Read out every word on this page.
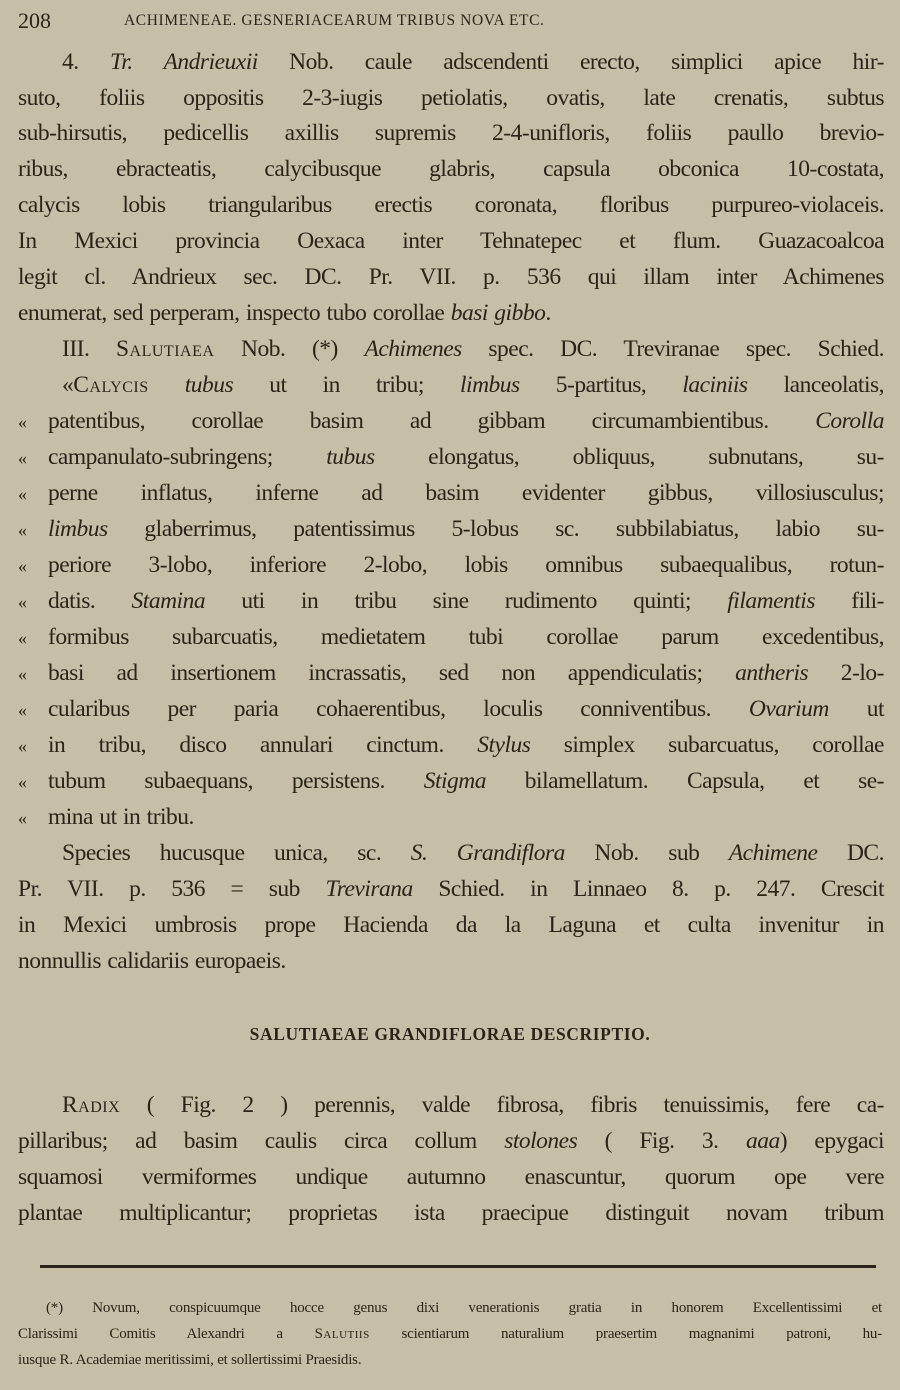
208	ACHIMENEAE. GESNERIACEARUM TRIBUS NOVA ETC.
4. Tr. Andrieuxii Nob. caule adscendenti erecto, simplici apice hir-
suto, foliis oppositis 2-3-iugis petiolatis, ovatis, late crenatis, subtus
sub-hirsutis, pedicellis axillis supremis 2-4-unifloris, foliis paullo brevio-
ribus, ebracteatis, calycibusque glabris, capsula obconica 10-costata,
calycis lobis triangularibus erectis coronata, floribus purpureo-violaceis.
In Mexici provincia Oexaca inter Tehnatepec et flum. Guazacoalcoa
legit cl. Andrieux sec. DC. Pr. VII. p. 536 qui illam inter Achimenes
enumerat, sed perperam, inspecto tubo corollae basi gibbo.
III. Salutiaea Nob. (*) Achimenes spec. DC. Treviranae spec. Schied.
«Calycis tubus ut in tribu; limbus 5-partitus, laciniis lanceolatis,
« patentibus, corollae basim ad gibbam circumambientibus. Corolla
« campanulato-subringens; tubus elongatus, obliquus, subnutans, su-
« perne inflatus, inferne ad basim evidenter gibbus, villosiusculus;
« limbus glaberrimus, patentissimus 5-lobus sc. subbilabiatus, labio su-
« periore 3-lobo, inferiore 2-lobo, lobis omnibus subaequalibus, rotun-
« datis. Stamina uti in tribu sine rudimento quinti; filamentis fili-
« formibus subarcuatis, medietatem tubi corollae parum excedentibus,
« basi ad insertionem incrassatis, sed non appendiculatis; antheris 2-lo-
« cularibus per paria cohaerentibus, loculis conniventibus. Ovarium ut
« in tribu, disco annulari cinctum. Stylus simplex subarcuatus, corollae
« tubum subaequans, persistens. Stigma bilamellatum. Capsula, et se-
« mina ut in tribu.
Species hucusque unica, sc. S. Grandiflora Nob. sub Achimene DC.
Pr. VII. p. 536 = sub Trevirana Schied. in Linnaeo 8. p. 247. Crescit
in Mexici umbrosis prope Hacienda da la Laguna et culta invenitur in
nonnullis calidariis europaeis.
SALUTIAEAE GRANDIFLORAE DESCRIPTIO.
Radix ( Fig. 2 ) perennis, valde fibrosa, fibris tenuissimis, fere ca-
pillaribus; ad basim caulis circa collum stolones ( Fig. 3. aaa) epygaci
squamosi vermiformes undique autumno enascuntur, quorum ope vere
plantae multiplicantur; proprietas ista praecipue distinguit novam tribum
(*) Novum, conspicuumque hocce genus dixi venerationis gratia in honorem Excellentissimi et
Clarissimi Comitis Alexandri a Salutiis scientiarum naturalium praesertim magnanimi patroni, hu-
iusque R. Academiae meritissimi, et sollertissimi Praesidis.
